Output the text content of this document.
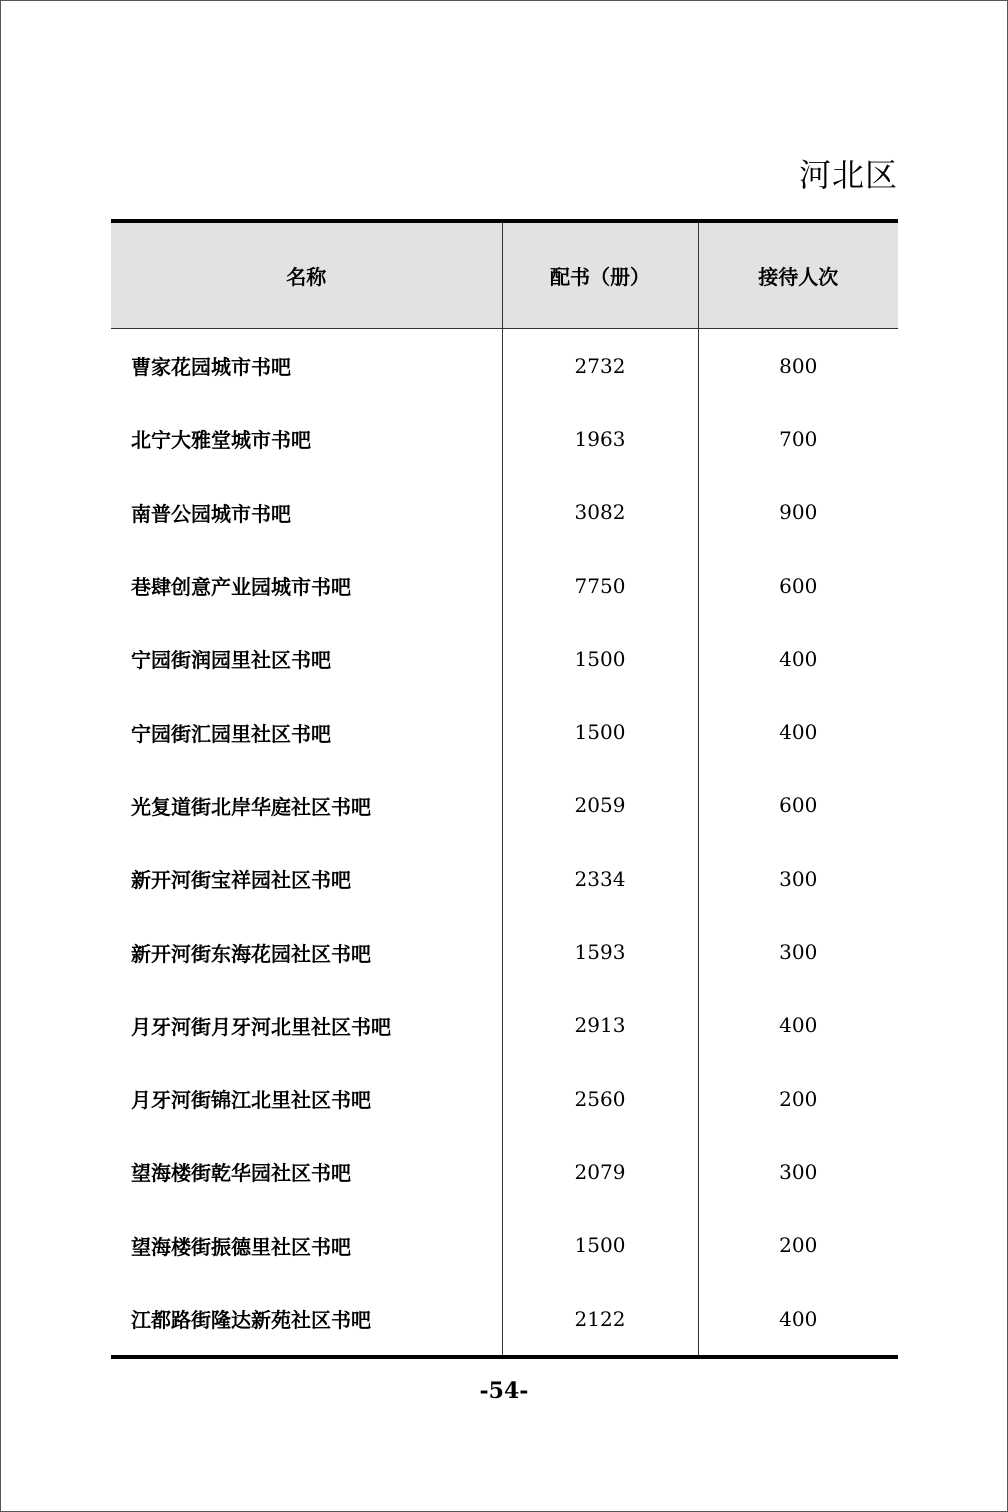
河北区
名称	配书（册）	接待人次
曹家花园城市书吧	2732	800
北宁大雅堂城市书吧	1963	700
南普公园城市书吧	3082	900
巷肆创意产业园城市书吧	7750	600
宁园街润园里社区书吧	1500	400
宁园街汇园里社区书吧	1500	400
光复道街北岸华庭社区书吧	2059	600
新开河街宝祥园社区书吧	2334	300
新开河街东海花园社区书吧	1593	300
月牙河街月牙河北里社区书吧	2913	400
月牙河街锦江北里社区书吧	2560	200
望海楼街乾华园社区书吧	2079	300
望海楼街振德里社区书吧	1500	200
江都路街隆达新苑社区书吧	2122	400
-54-
